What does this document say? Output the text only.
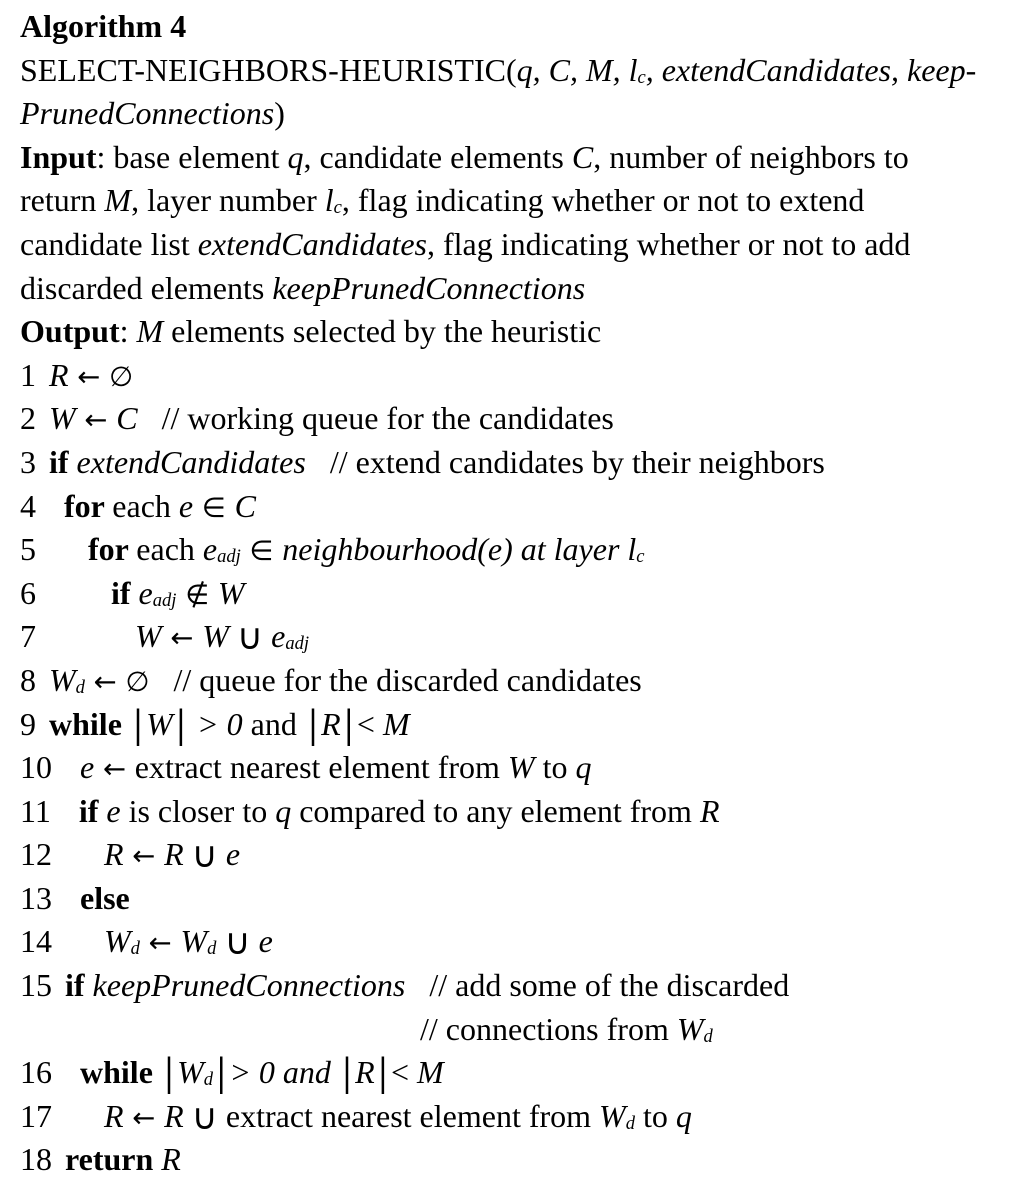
Algorithm 4
SELECT-NEIGHBORS-HEURISTIC(q, C, M, lc, extendCandidates, keep-
PrunedConnections)
Input: base element q, candidate elements C, number of neighbors to
return M, layer number lc, flag indicating whether or not to extend
candidate list extendCandidates, flag indicating whether or not to add
discarded elements keepPrunedConnections
Output: M elements selected by the heuristic
1 R ← ∅
2 W ← C   // working queue for the candidates
3 if extendCandidates   // extend candidates by their neighbors
4 for each e ∈ C
5 for each eadj ∈ neighbourhood(e) at layer lc
6 if eadj ∉ W
7	W ← W ∪ eadj
8 Wd ← ∅   // queue for the discarded candidates
9 while |W| > 0 and |R|< M
10 e ← extract nearest element from W to q
11 if e is closer to q compared to any element from R
12 R ← R ∪ e
13 else
14 Wd ← Wd ∪ e
15 if keepPrunedConnections   // add some of the discarded
// connections from Wd
16 while |Wd|> 0 and |R|< M
17 R ← R ∪ extract nearest element from Wd to q
18 return R
